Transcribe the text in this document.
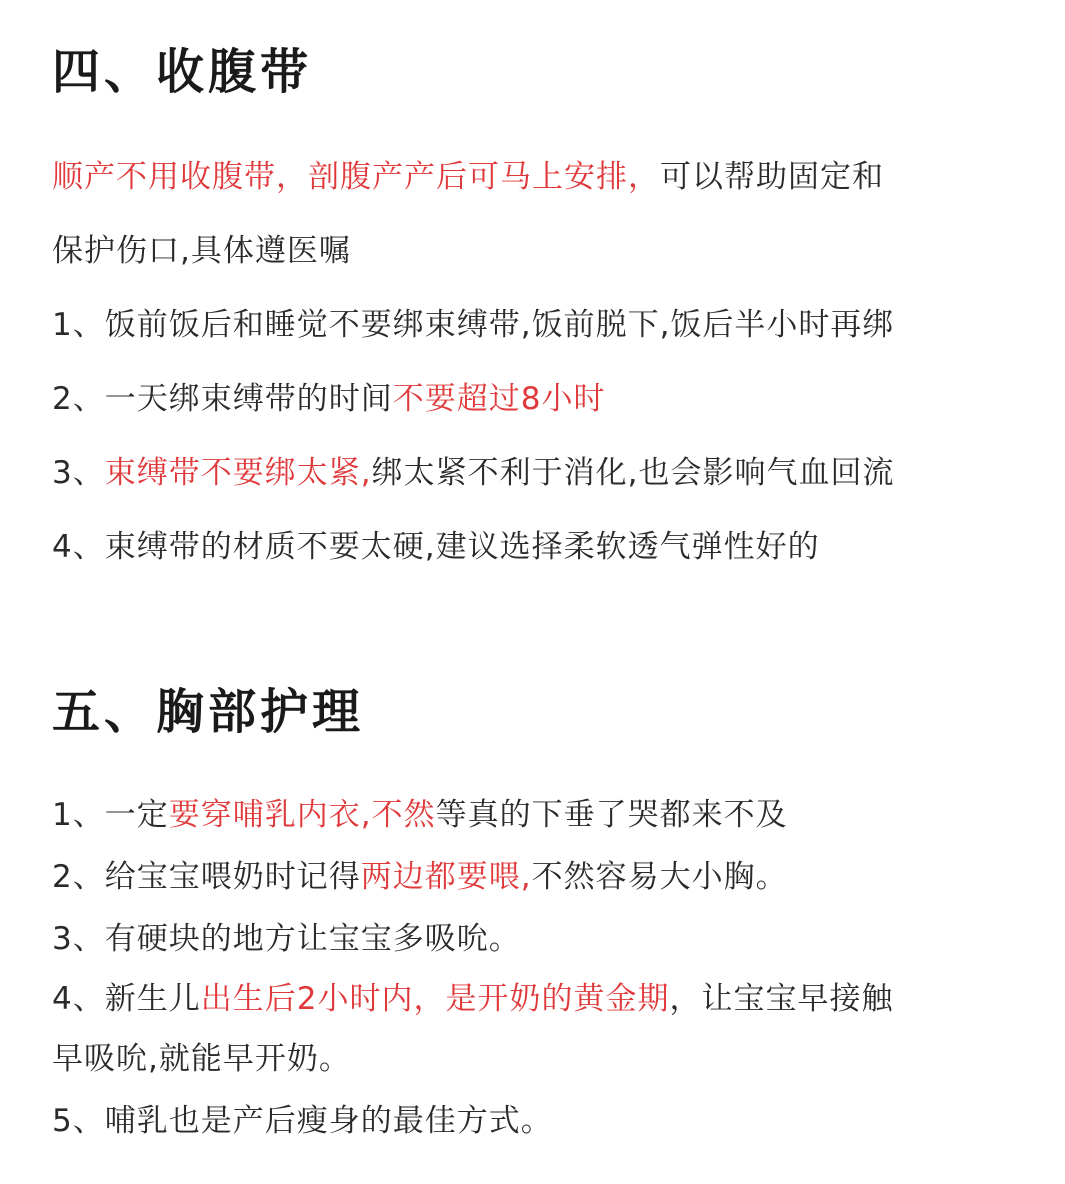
四、收腹带

顺产不用收腹带，剖腹产产后可马上安排，可以帮助固定和

保护伤口,具体遵医嘱

1、饭前饭后和睡觉不要绑束缚带,饭前脱下,饭后半小时再绑

2、一天绑束缚带的时间不要超过8小时

3、束缚带不要绑太紧,绑太紧不利于消化,也会影响气血回流

4、束缚带的材质不要太硬,建议选择柔软透气弹性好的

五、胸部护理

1、一定要穿哺乳内衣,不然等真的下垂了哭都来不及

2、给宝宝喂奶时记得两边都要喂,不然容易大小胸。

3、有硬块的地方让宝宝多吸吮。

4、新生儿出生后2小时内，是开奶的黄金期，让宝宝早接触

早吸吮,就能早开奶。

5、哺乳也是产后瘦身的最佳方式。
